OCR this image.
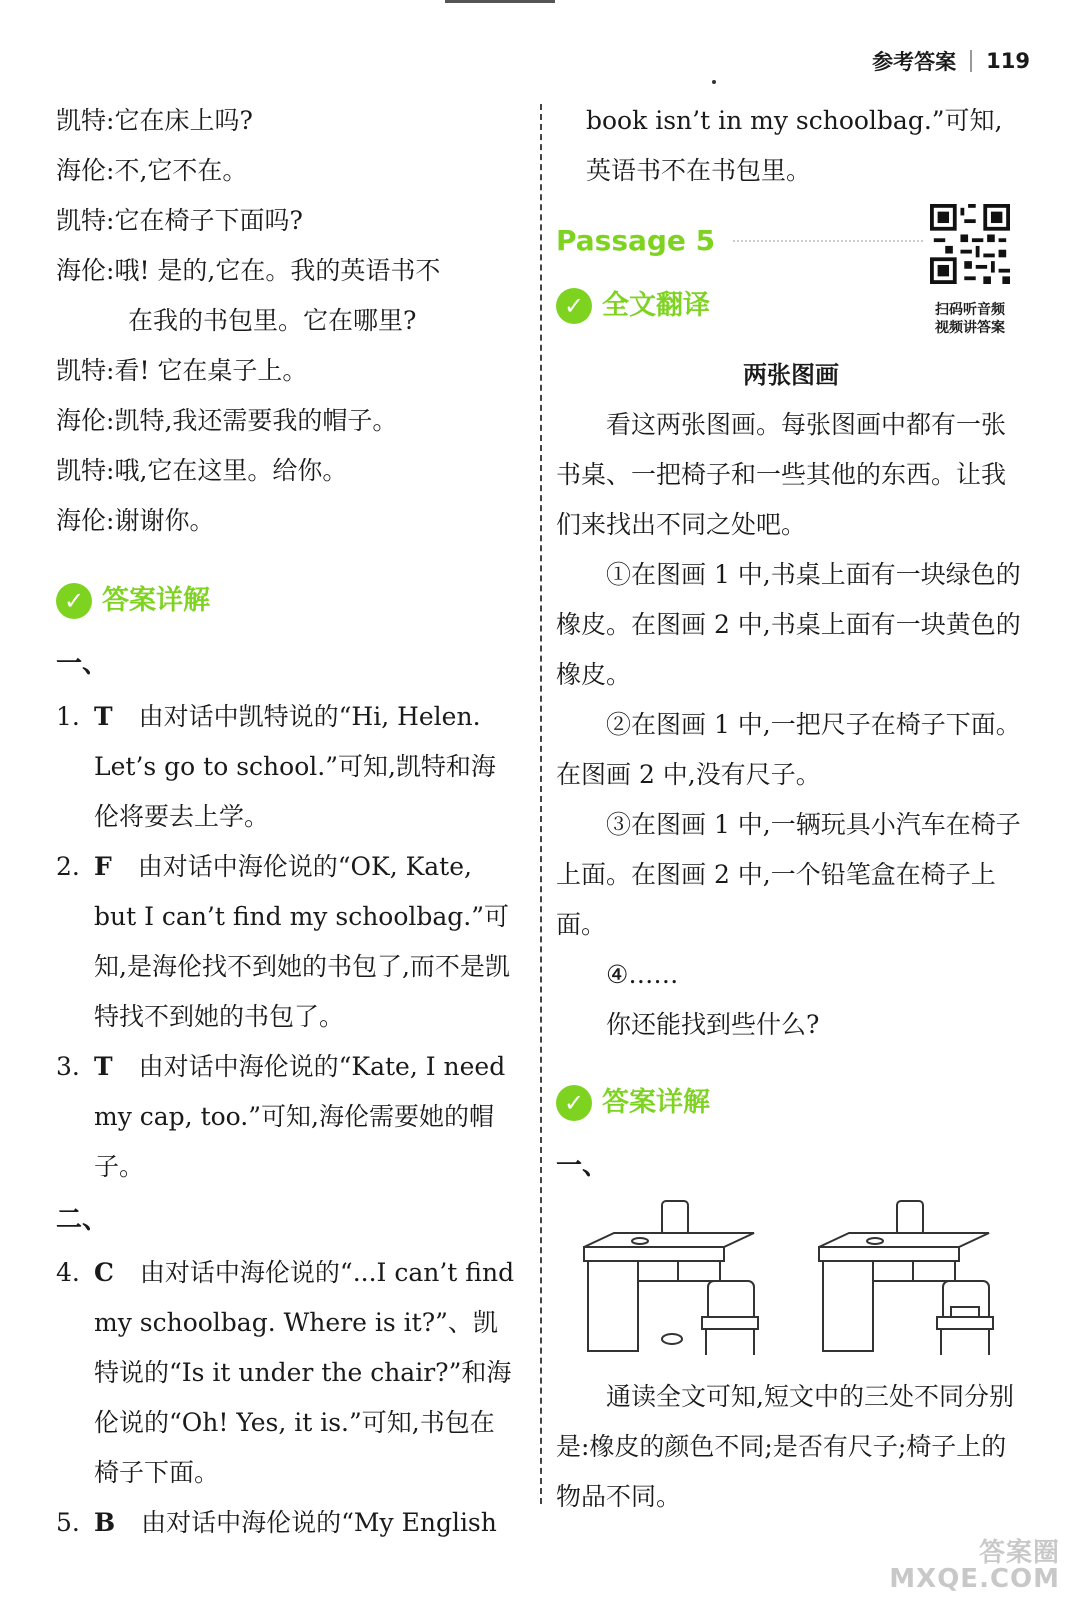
参考答案 119

凯特:它在床上吗?

海伦:不,它不在。

凯特:它在椅子下面吗?

海伦:哦! 是的,它在。我的英语书不

在我的书包里。它在哪里?

凯特:看! 它在桌子上。

海伦:凯特,我还需要我的帽子。

凯特:哦,它在这里。给你。

海伦:谢谢你。

✓ 答案详解
一、
1. T 由对话中凯特说的“Hi, Helen. Let’s go to school.”可知,凯特和海伦将要去上学。
2. F 由对话中海伦说的“OK, Kate, but I can’t find my schoolbag.”可知,是海伦找不到她的书包了,而不是凯特找不到她的书包了。
3. T 由对话中海伦说的“Kate, I need my cap, too.”可知,海伦需要她的帽子。
二、
4. C 由对话中海伦说的“...I can’t find my schoolbag. Where is it?”、凯特说的“Is it under the chair?”和海伦说的“Oh! Yes, it is.”可知,书包在椅子下面。
5. B 由对话中海伦说的“My English

book isn’t in my schoolbag.”可知,英语书不在书包里。

Passage 5
扫码听音频
视频讲答案
✓ 全文翻译
两张图画

看这两张图画。每张图画中都有一张书桌、一把椅子和一些其他的东西。让我们来找出不同之处吧。

①在图画 1 中,书桌上面有一块绿色的橡皮。在图画 2 中,书桌上面有一块黄色的橡皮。

②在图画 1 中,一把尺子在椅子下面。在图画 2 中,没有尺子。

③在图画 1 中,一辆玩具小汽车在椅子上面。在图画 2 中,一个铅笔盒在椅子上面。

④……

你还能找到些什么?

✓ 答案详解
一、

通读全文可知,短文中的三处不同分别是:橡皮的颜色不同;是否有尺子;椅子上的物品不同。

答案圈
MXQE.COM
